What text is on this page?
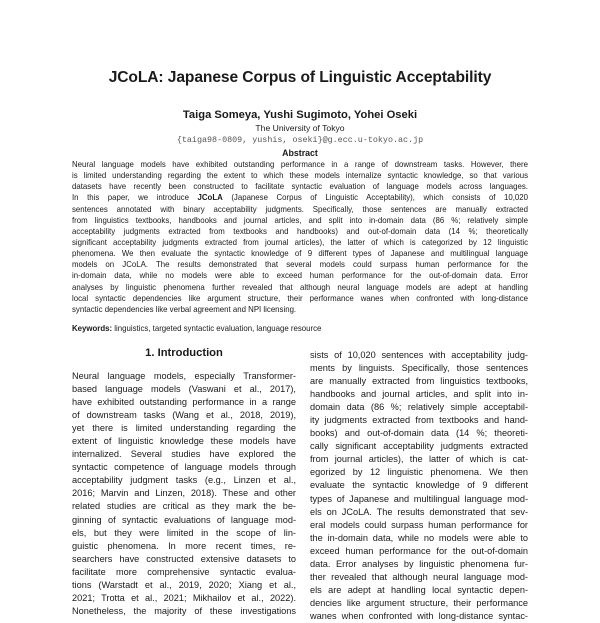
JCoLA: Japanese Corpus of Linguistic Acceptability
Taiga Someya, Yushi Sugimoto, Yohei Oseki
The University of Tokyo
{taiga98-0809, yushis, oseki}@g.ecc.u-tokyo.ac.jp
Abstract
Neural language models have exhibited outstanding performance in a range of downstream tasks. However, there
is limited understanding regarding the extent to which these models internalize syntactic knowledge, so that various
datasets have recently been constructed to facilitate syntactic evaluation of language models across languages.
In this paper, we introduce JCoLA (Japanese Corpus of Linguistic Acceptability), which consists of 10,020
sentences annotated with binary acceptability judgments. Specifically, those sentences are manually extracted
from linguistics textbooks, handbooks and journal articles, and split into in-domain data (86 %; relatively simple
acceptability judgments extracted from textbooks and handbooks) and out-of-domain data (14 %; theoretically
significant acceptability judgments extracted from journal articles), the latter of which is categorized by 12 linguistic
phenomena. We then evaluate the syntactic knowledge of 9 different types of Japanese and multilingual language
models on JCoLA. The results demonstrated that several models could surpass human performance for the
in-domain data, while no models were able to exceed human performance for the out-of-domain data. Error
analyses by linguistic phenomena further revealed that although neural language models are adept at handling
local syntactic dependencies like argument structure, their performance wanes when confronted with long-distance
syntactic dependencies like verbal agreement and NPI licensing.
Keywords: linguistics, targeted syntactic evaluation, language resource
1. Introduction
Neural language models, especially Transformer-
based language models (Vaswani et al., 2017),
have exhibited outstanding performance in a range
of downstream tasks (Wang et al., 2018, 2019),
yet there is limited understanding regarding the
extent of linguistic knowledge these models have
internalized. Several studies have explored the
syntactic competence of language models through
acceptability judgment tasks (e.g., Linzen et al.,
2016; Marvin and Linzen, 2018). These and other
related studies are critical as they mark the be-
ginning of syntactic evaluations of language mod-
els, but they were limited in the scope of lin-
guistic phenomena. In more recent times, re-
searchers have constructed extensive datasets to
facilitate more comprehensive syntactic evalua-
tions (Warstadt et al., 2019, 2020; Xiang et al.,
2021; Trotta et al., 2021; Mikhailov et al., 2022).
Nonetheless, the majority of these investigations
sists of 10,020 sentences with acceptability judg-
ments by linguists. Specifically, those sentences
are manually extracted from linguistics textbooks,
handbooks and journal articles, and split into in-
domain data (86 %; relatively simple acceptabil-
ity judgments extracted from textbooks and hand-
books) and out-of-domain data (14 %; theoreti-
cally significant acceptability judgments extracted
from journal articles), the latter of which is cat-
egorized by 12 linguistic phenomena. We then
evaluate the syntactic knowledge of 9 different
types of Japanese and multilingual language mod-
els on JCoLA. The results demonstrated that sev-
eral models could surpass human performance for
the in-domain data, while no models were able to
exceed human performance for the out-of-domain
data. Error analyses by linguistic phenomena fur-
ther revealed that although neural language mod-
els are adept at handling local syntactic depen-
dencies like argument structure, their performance
wanes when confronted with long-distance syntac-
